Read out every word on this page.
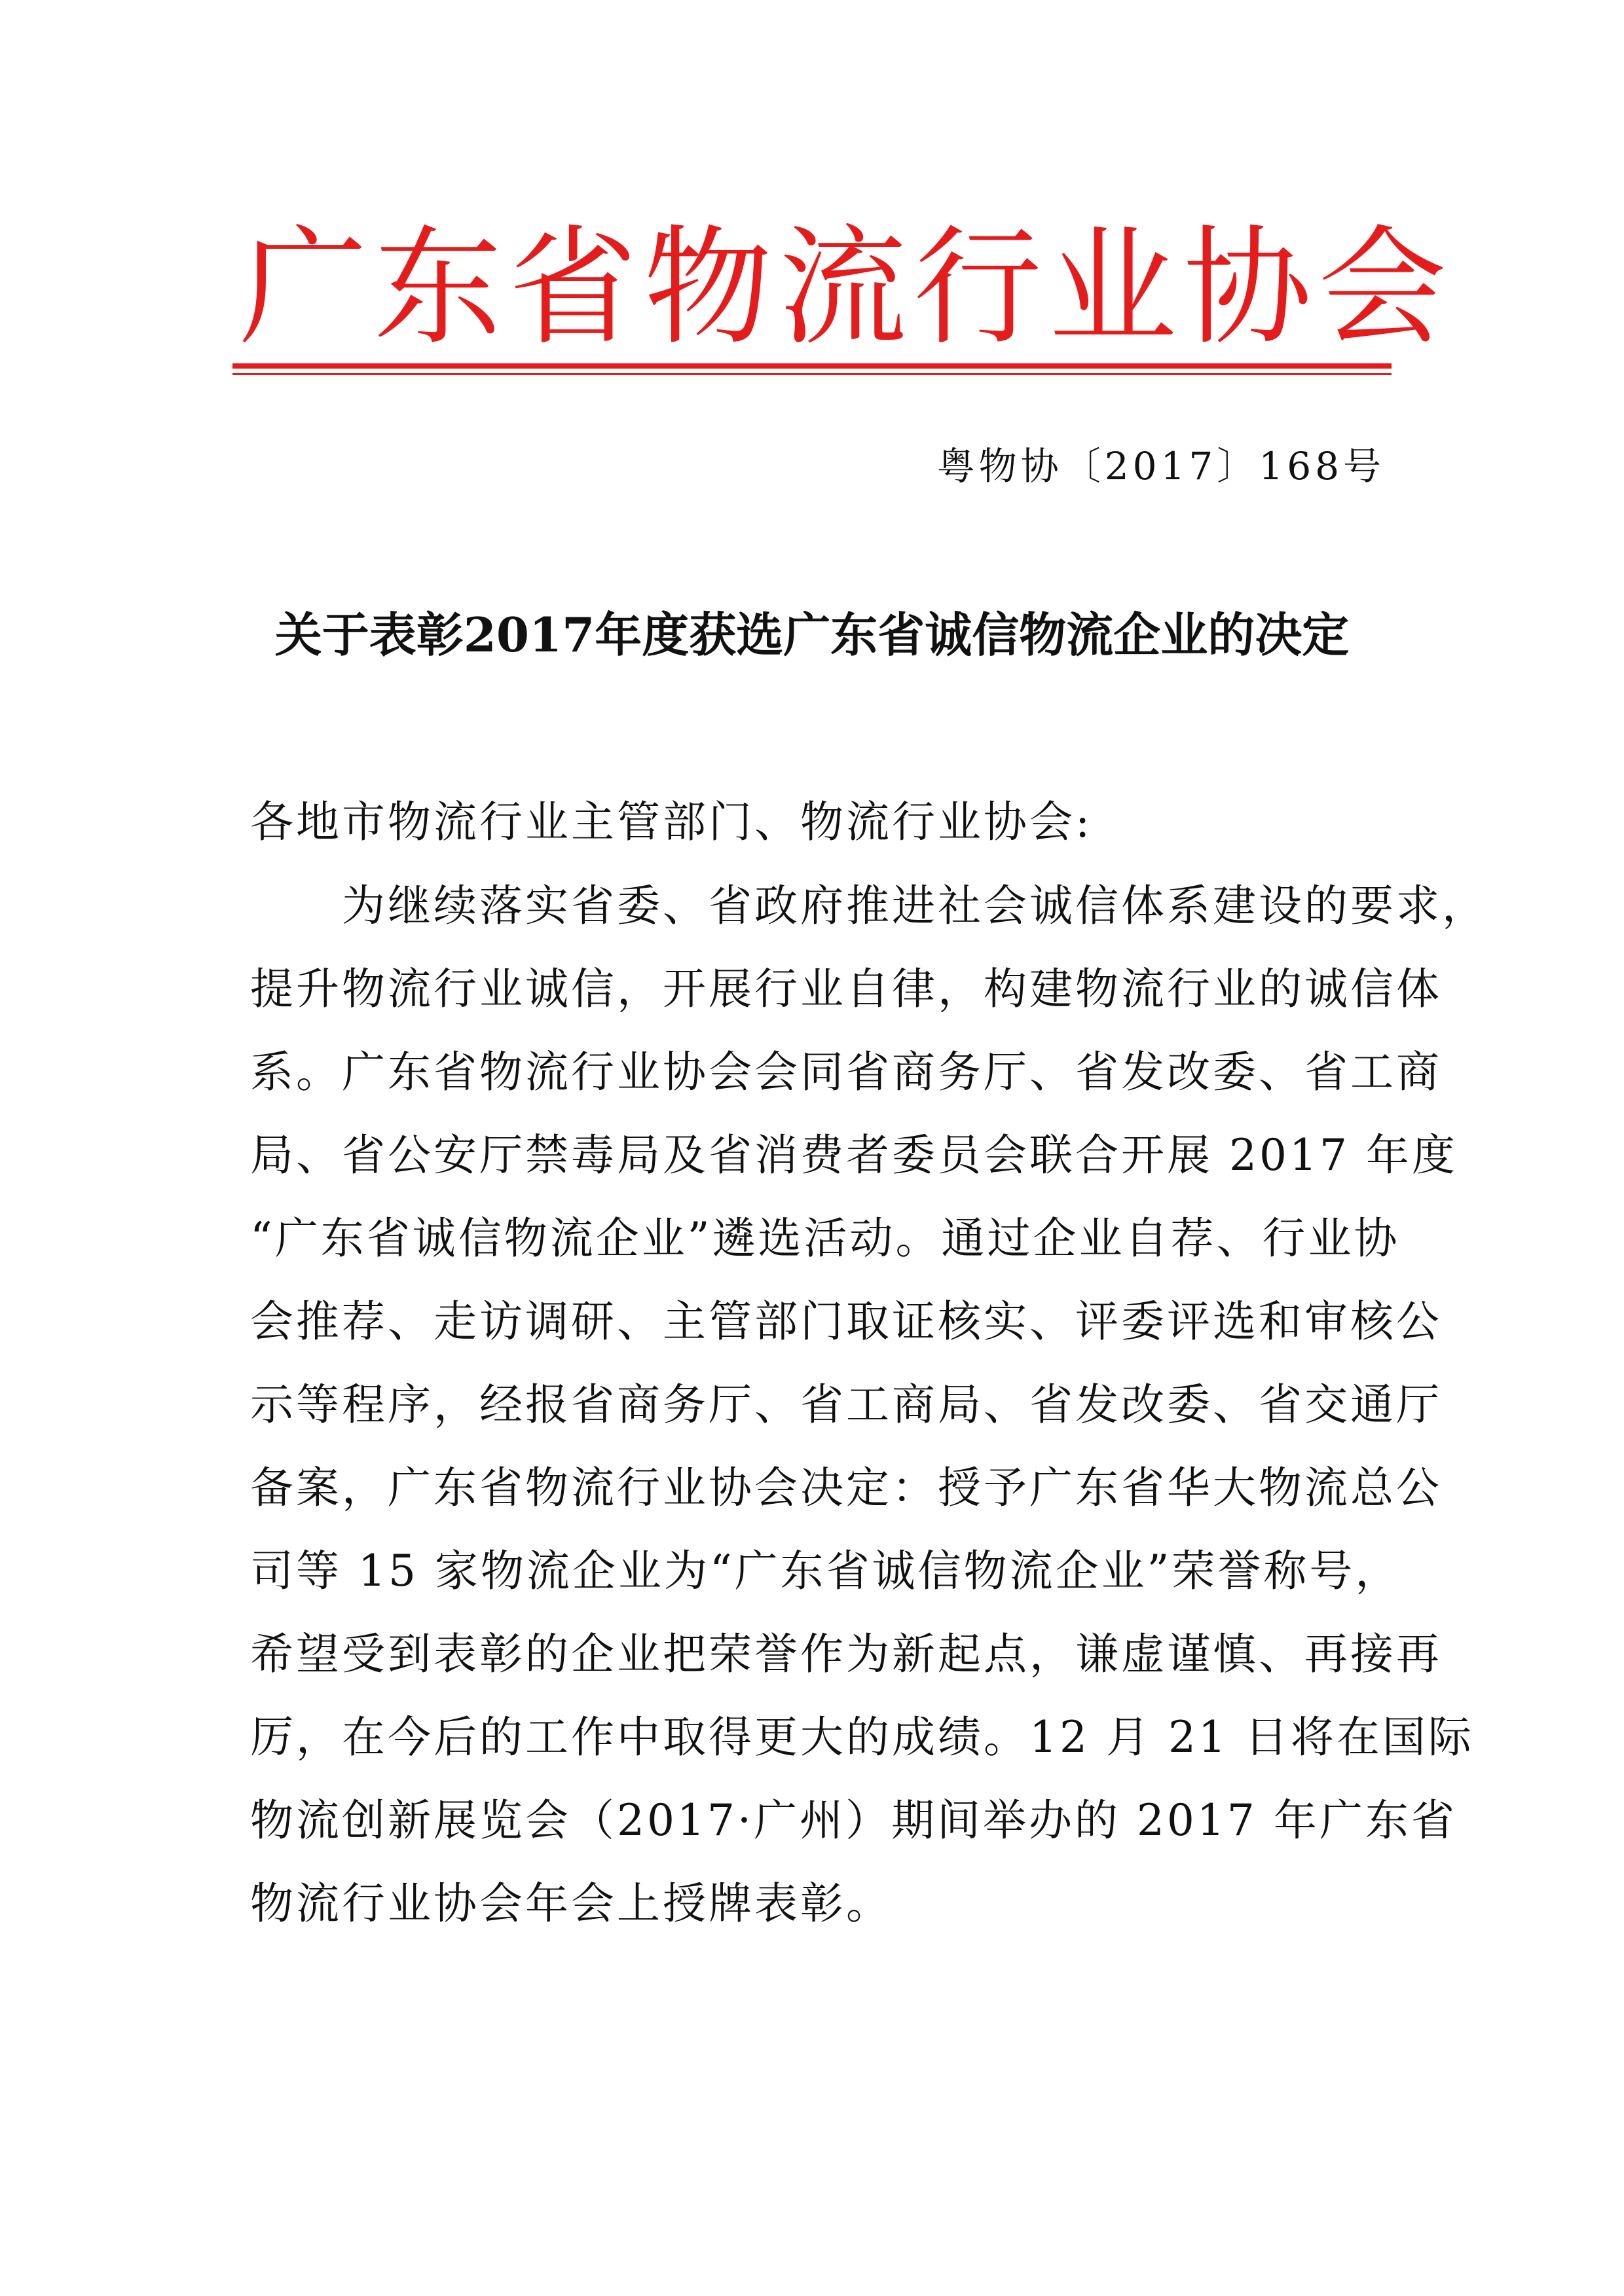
广东省物流行业协会
粤物协〔2017〕168号
关于表彰2017年度获选广东省诚信物流企业的决定
各地市物流行业主管部门、物流行业协会:
　　为继续落实省委、省政府推进社会诚信体系建设的要求，
提升物流行业诚信，开展行业自律，构建物流行业的诚信体
系。广东省物流行业协会会同省商务厅、省发改委、省工商
局、省公安厅禁毒局及省消费者委员会联合开展 2017 年度
“广东省诚信物流企业”遴选活动。通过企业自荐、行业协
会推荐、走访调研、主管部门取证核实、评委评选和审核公
示等程序，经报省商务厅、省工商局、省发改委、省交通厅
备案，广东省物流行业协会决定：授予广东省华大物流总公
司等 15 家物流企业为“广东省诚信物流企业”荣誉称号，
希望受到表彰的企业把荣誉作为新起点，谦虚谨慎、再接再
厉，在今后的工作中取得更大的成绩。12 月 21 日将在国际
物流创新展览会（2017·广州）期间举办的 2017 年广东省
物流行业协会年会上授牌表彰。
